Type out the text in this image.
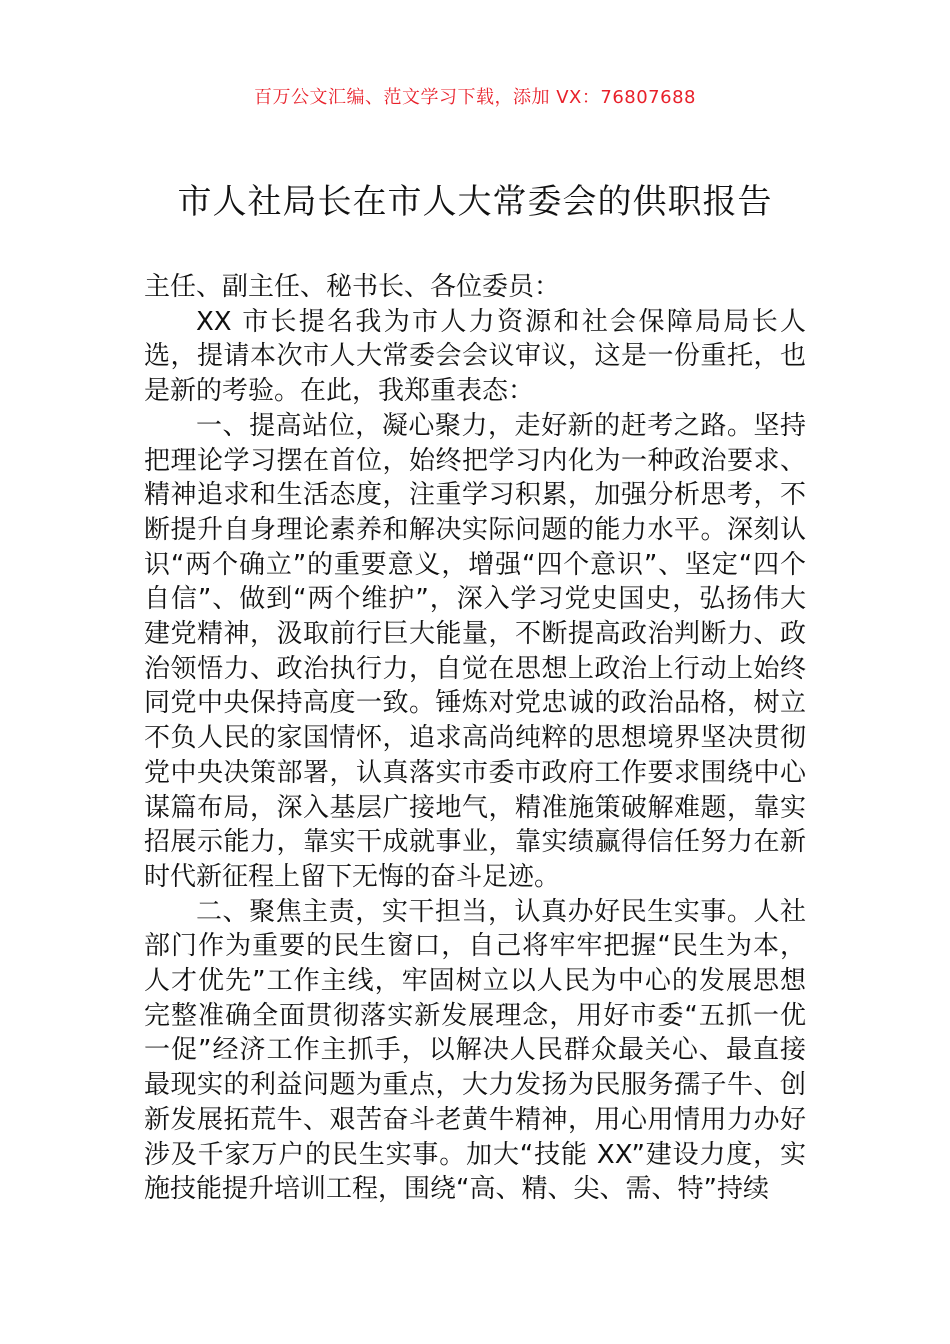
百万公文汇编、范文学习下载，添加 VX：76807688
市人社局长在市人大常委会的供职报告

主任、副主任、秘书长、各位委员：

XX 市长提名我为市人力资源和社会保障局局长人选，提请本次市人大常委会会议审议，这是一份重托，也是新的考验。在此，我郑重表态：

一、提高站位，凝心聚力，走好新的赶考之路。坚持把理论学习摆在首位，始终把学习内化为一种政治要求、精神追求和生活态度，注重学习积累，加强分析思考，不断提升自身理论素养和解决实际问题的能力水平。深刻认识“两个确立”的重要意义，增强“四个意识”、坚定“四个自信”、做到“两个维护”，深入学习党史国史，弘扬伟大建党精神，汲取前行巨大能量，不断提高政治判断力、政治领悟力、政治执行力，自觉在思想上政治上行动上始终同党中央保持高度一致。锤炼对党忠诚的政治品格，树立不负人民的家国情怀，追求高尚纯粹的思想境界坚决贯彻党中央决策部署，认真落实市委市政府工作要求围绕中心谋篇布局，深入基层广接地气，精准施策破解难题，靠实招展示能力，靠实干成就事业，靠实绩赢得信任努力在新时代新征程上留下无悔的奋斗足迹。

二、聚焦主责，实干担当，认真办好民生实事。人社部门作为重要的民生窗口，自己将牢牢把握“民生为本，人才优先”工作主线，牢固树立以人民为中心的发展思想完整准确全面贯彻落实新发展理念，用好市委“五抓一优一促”经济工作主抓手，以解决人民群众最关心、最直接最现实的利益问题为重点，大力发扬为民服务孺子牛、创新发展拓荒牛、艰苦奋斗老黄牛精神，用心用情用力办好涉及千家万户的民生实事。加大“技能 XX”建设力度，实施技能提升培训工程，围绕“高、精、尖、需、特”持续
